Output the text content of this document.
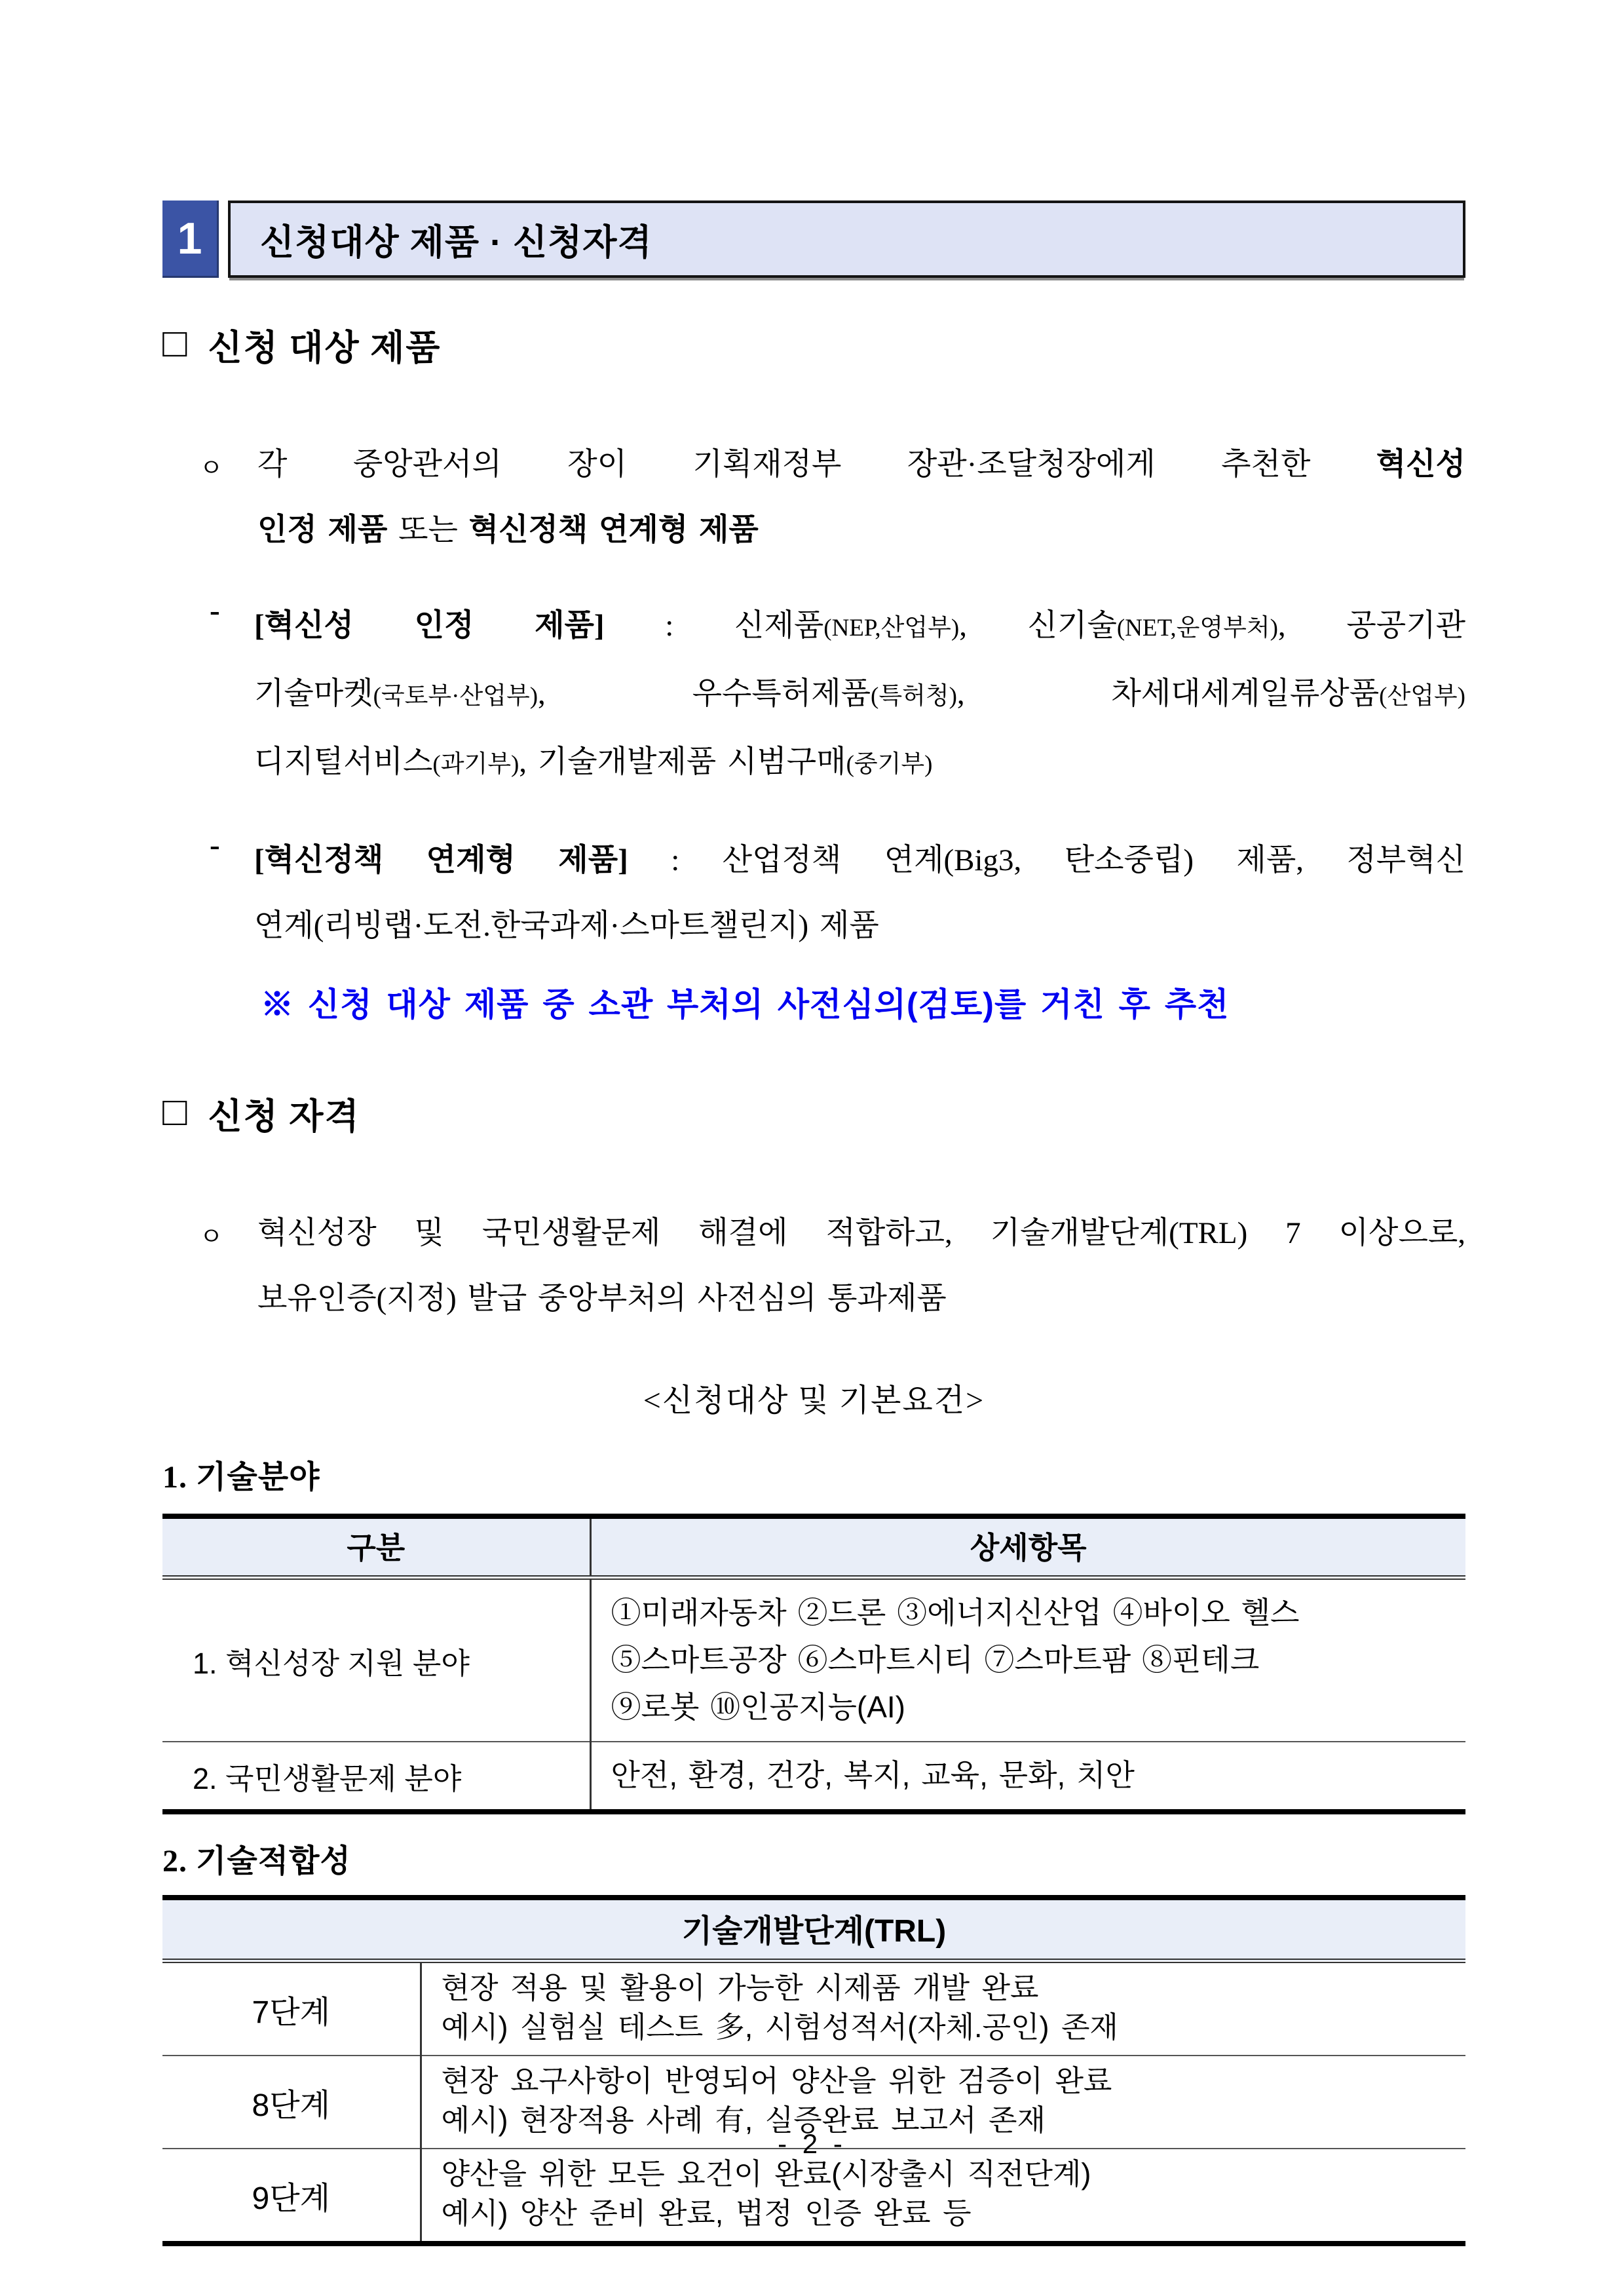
1	신청대상 제품 · 신청자격
□ 신청 대상 제품
ㅇ 각 중앙관서의 장이 기획재정부 장관·조달청장에게 추천한 혁신성
인정 제품 또는 혁신정책 연계형 제품
- [혁신성 인정 제품] : 신제품(NEP,산업부), 신기술(NET,운영부처), 공공기관
기술마켓(국토부·산업부), 우수특허제품(특허청), 차세대세계일류상품(산업부)
디지털서비스(과기부), 기술개발제품 시범구매(중기부)
- [혁신정책 연계형 제품] : 산업정책 연계(Big3, 탄소중립) 제품, 정부혁신
연계(리빙랩·도전.한국과제·스마트챌린지) 제품
※ 신청 대상 제품 중 소관 부처의 사전심의(검토)를 거친 후 추천
□ 신청 자격
ㅇ 혁신성장 및 국민생활문제 해결에 적합하고, 기술개발단계(TRL) 7 이상으로,
보유인증(지정) 발급 중앙부처의 사전심의 통과제품
<신청대상 및 기본요건>
1. 기술분야
구분	상세항목
1. 혁신성장 지원 분야	①미래자동차 ②드론 ③에너지신산업 ④바이오 헬스
⑤스마트공장 ⑥스마트시티 ⑦스마트팜 ⑧핀테크
⑨로봇 ⑩인공지능(AI)

2. 국민생활문제 분야	안전, 환경, 건강, 복지, 교육, 문화, 치안
2. 기술적합성
기술개발단계(TRL)	
7단계	현장 적용 및 활용이 가능한 시제품 개발 완료
예시) 실험실 테스트 多, 시험성적서(자체.공인) 존재

8단계	현장 요구사항이 반영되어 양산을 위한 검증이 완료
예시) 현장적용 사례 有, 실증완료 보고서 존재

9단계	양산을 위한 모든 요건이 완료(시장출시 직전단계)
예시) 양산 준비 완료, 법정 인증 완료 등
- 2 -
